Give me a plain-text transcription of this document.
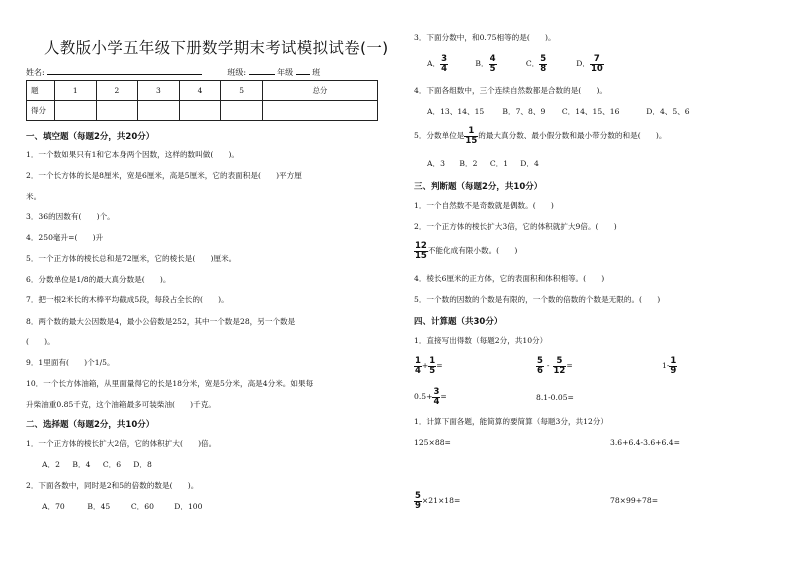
人教版小学五年级下册数学期末考试模拟试卷(一)
姓名:	班级:	年级 班
题	1	2	3	4	5	总分
得分						
一、填空题（每题2分，共20分）
1．一个数如果只有1和它本身两个因数，这样的数叫做(　　)。
2．一个长方体的长是8厘米，宽是6厘米，高是5厘米，它的表面积是(　　)平方厘
米。
3．36的因数有(　　)个。
4．250毫升=(　　)升
5．一个正方体的棱长总和是72厘米，它的棱长是(　　)厘米。
6．分数单位是1/8的最大真分数是(　　)。
7．把一根2米长的木棒平均截成5段，每段占全长的(　　)。
8．两个数的最大公因数是4，最小公倍数是252，其中一个数是28，另一个数是
(　　)。
9．1里面有(　　)个1/5。
10．一个长方体油箱，从里面量得它的长是18分米，宽是5分米，高是4分米。如果每
升柴油重0.85千克，这个油箱最多可装柴油(　　)千克。
二、选择题（每题2分，共10分）
1．一个正方体的棱长扩大2倍，它的体积扩大(　　)倍。
A．2 B．4 C．6 D．8
2．下面各数中，同时是2和5的倍数的数是(　　)。
A．70	B．45	C．60	D．100
3．下面分数中，和0.75相等的是(　　)。
A． $\frac{3}{4}$	B． $\frac{4}{5}$	C． $\frac{5}{8}$	D． $\frac{7}{10}$
4．下面各组数中，三个连续自然数都是合数的是(　　)。
A．13、14、15 B．7、8、9 C．14、15、16	D．4、5、6
5．分数单位是 $\frac{1}{15}$ 的最大真分数、最小假分数和最小带分数的和是(　　)。
A．3 B．2 C．1 D．4
三、判断题（每题2分，共10分）
1．一个自然数不是奇数就是偶数。(　　)
2．一个正方体的棱长扩大3倍，它的体积就扩大9倍。(　　)
$\frac{12}{15}$ 不能化成有限小数。(　　)
4．棱长6厘米的正方体，它的表面积和体积相等。(　　)
5．一个数的因数的个数是有限的，一个数的倍数的个数是无限的。(　　)
四、计算题（共30分）
1．直接写出得数（每题2分，共10分）
$\frac{1}{4} + \frac{1}{5}$ =	$\frac{5}{6} - \frac{5}{12}$ =	$1- \frac{1}{9}$
$0.5+ \frac{3}{4}$ =	8.1-0.05=
1．计算下面各题，能简算的要简算（每题3分，共12分）
125×88=	3.6+6.4-3.6+6.4=
$\frac{5}{9} \times 21\times 18=$	78×99+78=
